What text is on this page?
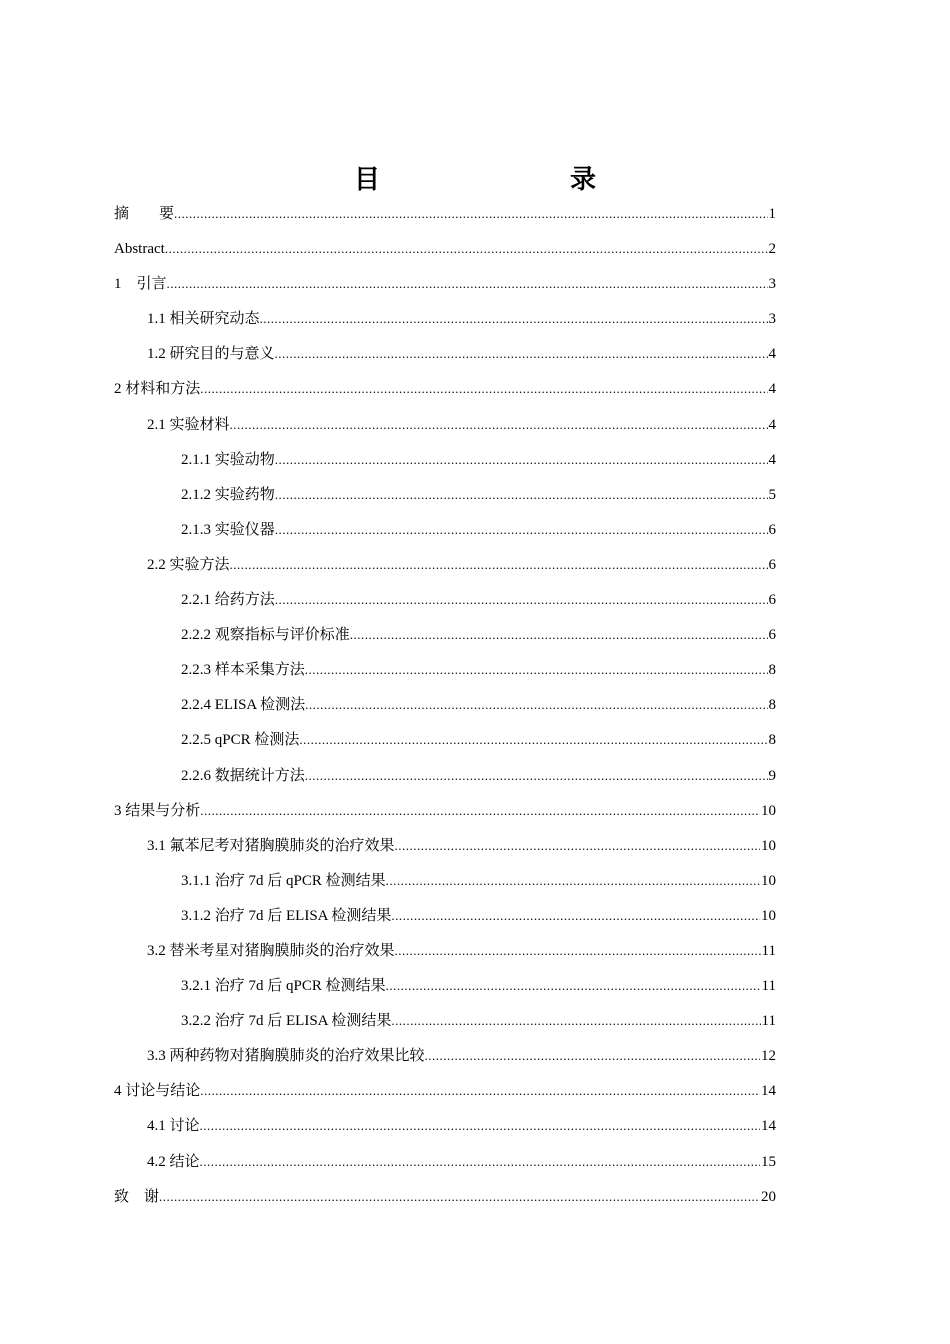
目　　录
摘　　要 .....	1
Abstract .....	2
1　引言 .....	3
1.1 相关研究动态 .....	3
1.2 研究目的与意义 .....	4
2 材料和方法 .....	4
2.1 实验材料 .....	4
2.1.1 实验动物 .....	4
2.1.2 实验药物 .....	5
2.1.3 实验仪器 .....	6
2.2 实验方法 .....	6
2.2.1 给药方法 .....	6
2.2.2 观察指标与评价标准 .....	6
2.2.3 样本采集方法 .....	8
2.2.4 ELISA 检测法 .....	8
2.2.5 qPCR 检测法 .....	8
2.2.6 数据统计方法 .....	9
3 结果与分析 .....	10
3.1 氟苯尼考对猪胸膜肺炎的治疗效果 .....	10
3.1.1 治疗 7d 后 qPCR 检测结果 .....	10
3.1.2 治疗 7d 后 ELISA 检测结果 .....	10
3.2 替米考星对猪胸膜肺炎的治疗效果 .....	11
3.2.1 治疗 7d 后 qPCR 检测结果 .....	11
3.2.2 治疗 7d 后 ELISA 检测结果 .....	11
3.3 两种药物对猪胸膜肺炎的治疗效果比较 .....	12
4 讨论与结论 .....	14
4.1 讨论 .....	14
4.2 结论 .....	15
致　谢 .....	20
